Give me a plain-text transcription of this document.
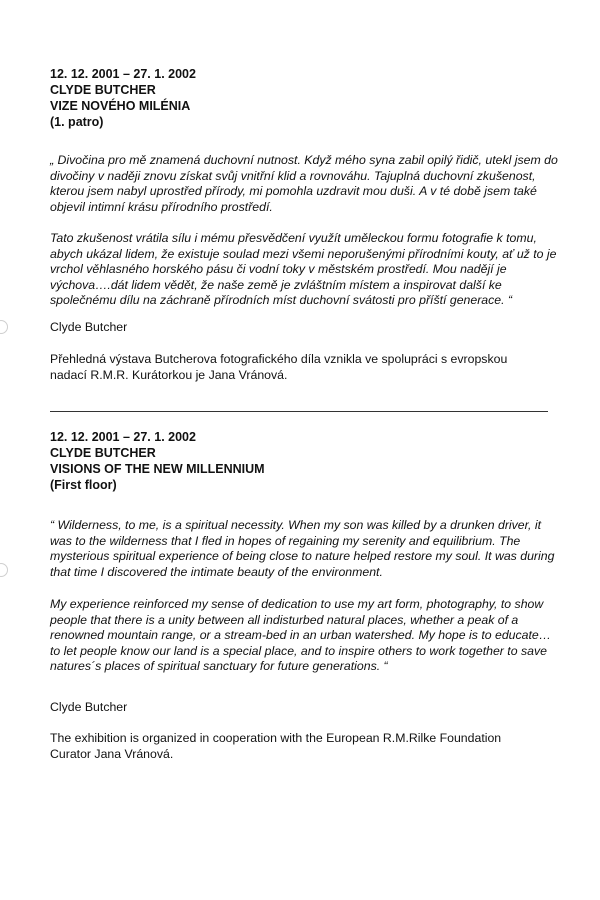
12. 12. 2001 – 27. 1. 2002

CLYDE BUTCHER

VIZE NOVÉHO MILÉNIA

(1. patro)

„ Divočina pro mě znamená duchovní nutnost. Když mého syna zabil opilý řidič, utekl jsem do divočiny v naději znovu získat svůj vnitřní klid a rovnováhu. Tajuplná duchovní zkušenost, kterou jsem nabyl uprostřed přírody, mi pomohla uzdravit mou duši. A v té době jsem také objevil intimní krásu přírodního prostředí.

Tato zkušenost vrátila sílu i mému přesvědčení využít uměleckou formu fotografie k tomu, abych ukázal lidem, že existuje soulad mezi všemi neporušenými přírodními kouty, ať už to je vrchol věhlasného horského pásu či vodní toky v městském prostředí. Mou nadějí je výchova….dát lidem vědět, že naše země je zvláštním místem a inspirovat další ke společnému dílu na záchraně přírodních míst duchovní svátosti pro příští generace. “

Clyde Butcher

Přehledná výstava Butcherova fotografického díla vznikla ve spolupráci s evropskou

nadací R.M.R. Kurátorkou je Jana Vránová.

12. 12. 2001 – 27. 1. 2002

CLYDE BUTCHER

VISIONS OF THE NEW MILLENNIUM

(First floor)

“ Wilderness, to me, is a spiritual necessity. When my son was killed by a drunken driver, it was to the wilderness that I fled in hopes of regaining my serenity and equilibrium. The mysterious spiritual experience of being close to nature helped restore my soul. It was during that time I discovered the intimate beauty of the environment.

My experience reinforced my sense of dedication to use my art form, photography, to show people that there is a unity between all indisturbed natural places, whether a peak of a renowned mountain range, or a stream-bed in an urban watershed. My hope is to educate… to let people know our land is a special place, and to inspire others to work together to save natures´s places of spiritual sanctuary for future generations. “

Clyde Butcher

The exhibition is organized in cooperation with the European R.M.Rilke Foundation

Curator Jana Vránová.
